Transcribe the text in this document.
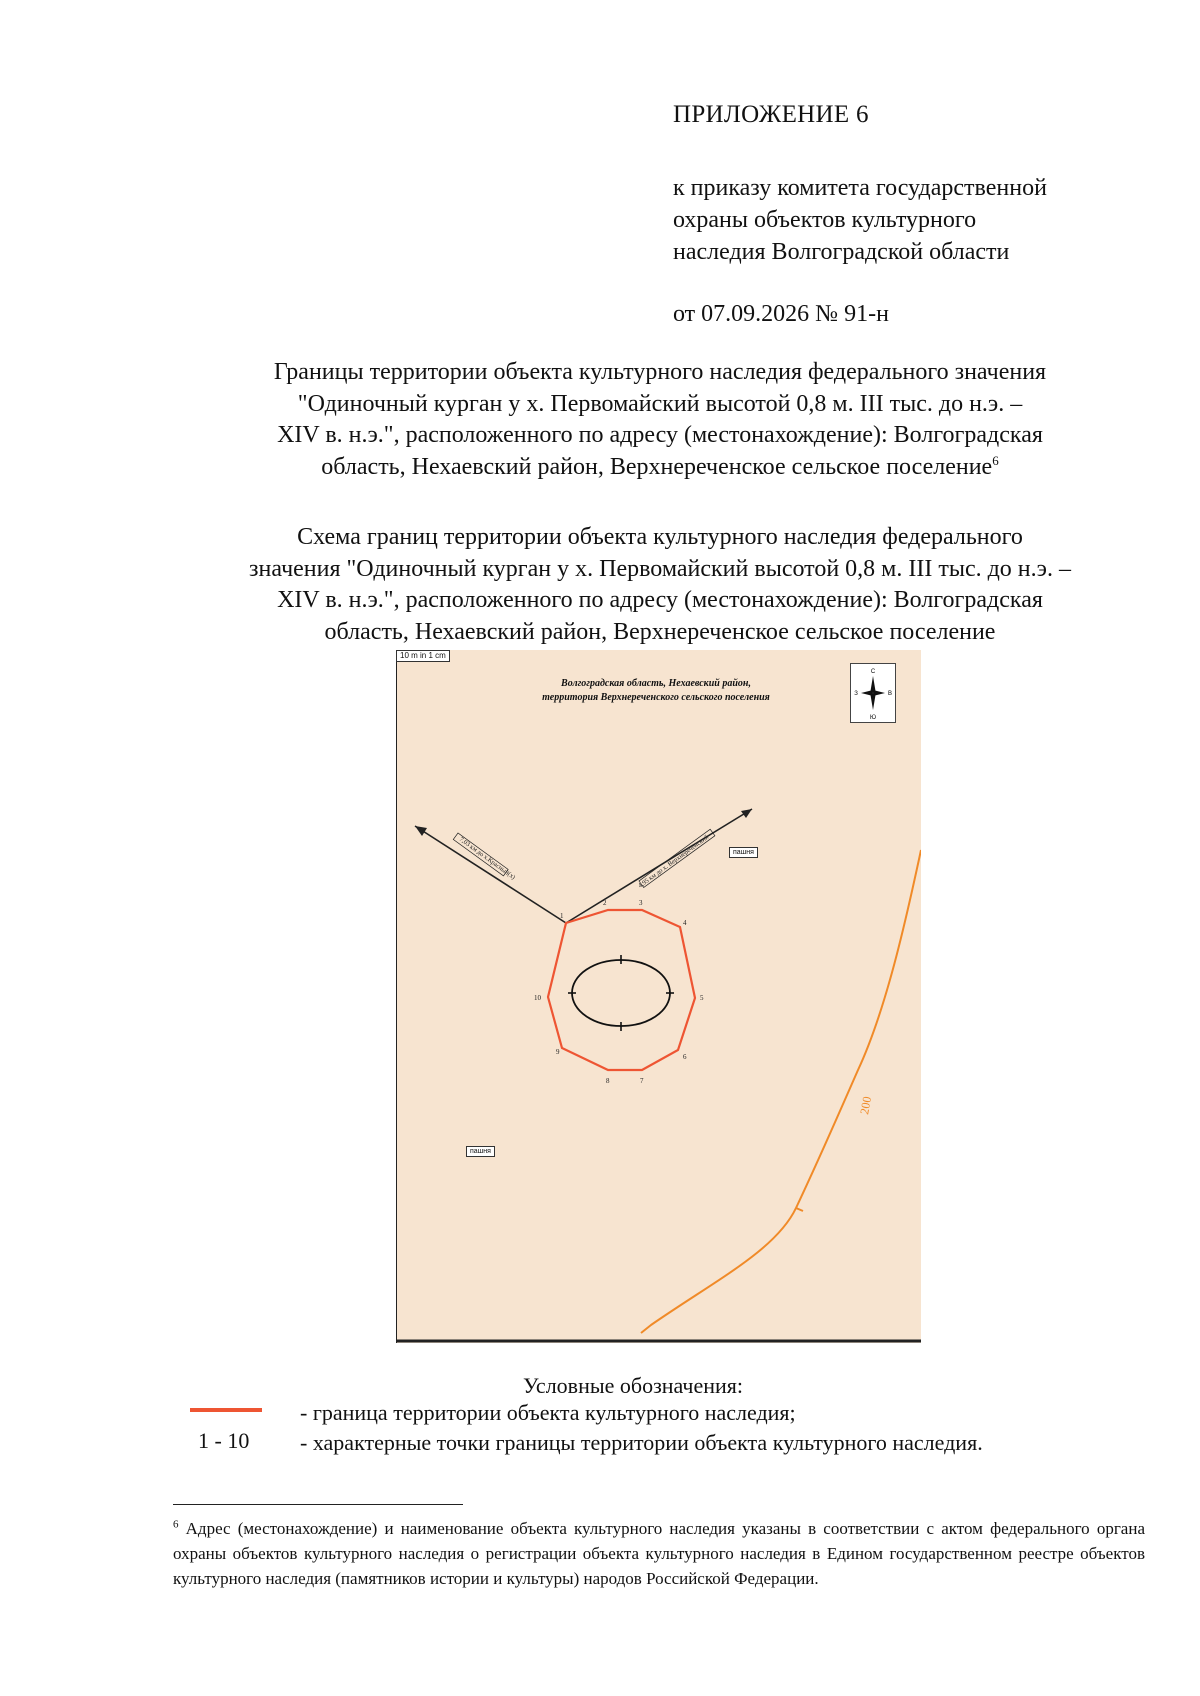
ПРИЛОЖЕНИЕ 6
к приказу комитета государственной
охраны объектов культурного
наследия Волгоградской области
от 07.09.2026 № 91-н
Границы территории объекта культурного наследия федерального значения
"Одиночный курган у х. Первомайский высотой 0,8 м. III тыс. до н.э. –
XIV в. н.э.", расположенного по адресу (местонахождение): Волгоградская
область, Нехаевский район, Верхнереченское сельское поселение$^6$
Схема границ территории объекта культурного наследия федерального
значения "Одиночный курган у х. Первомайский высотой 0,8 м. III тыс. до н.э. –
XIV в. н.э.", расположенного по адресу (местонахождение): Волгоградская
область, Нехаевский район, Верхнереченское сельское поселение
7,03 км до х.Красный(х)	4,95 км до х. Верхнереченский
1
2	3
4
5
6
7
8
9
10
200
10 m in 1 cm
Волгоградская область, Нехаевский район,
территория Верхнереченского сельского поселения
С
Ю
З	В
пашня
пашня
Условные обозначения:
- граница территории объекта культурного наследия;
1 - 10 - характерные точки границы территории объекта культурного наследия.
$^6$ Адрес (местонахождение) и наименование объекта культурного наследия указаны в соответствии с актом федерального органа охраны объектов культурного наследия о регистрации объекта культурного наследия в Едином государственном реестре объектов культурного наследия (памятников истории и культуры) народов Российской Федерации.
